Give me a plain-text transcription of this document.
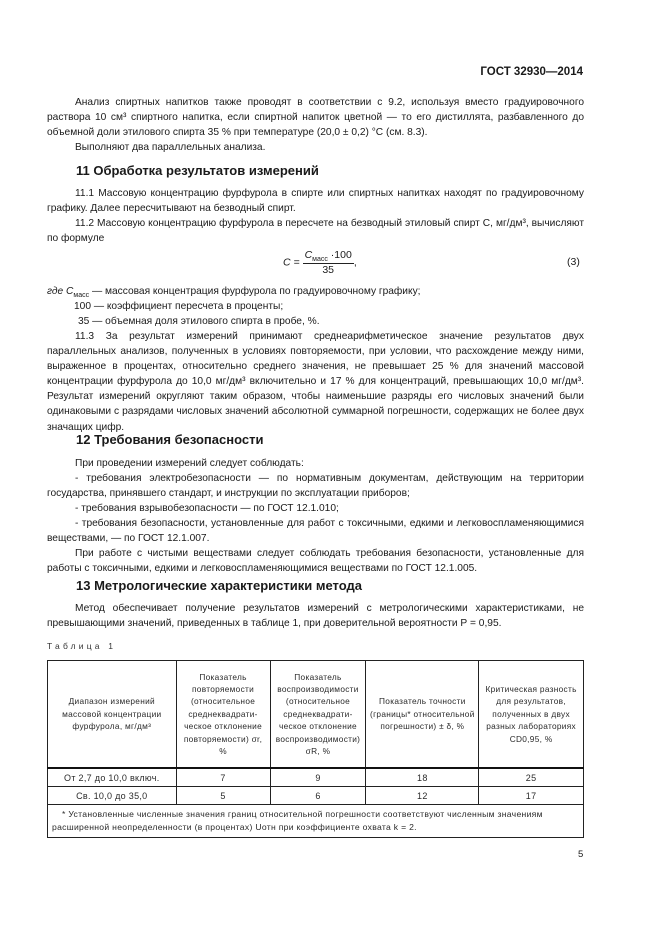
ГОСТ 32930—2014
Анализ спиртных напитков также проводят в соответствии с 9.2, используя вместо градуировочного раствора 10 см³ спиртного напитка, если спиртной напиток цветной — то его дистиллята, разбавленного до объемной доли этилового спирта 35 % при температуре (20,0 ± 0,2) °С (см. 8.3).
Выполняют два параллельных анализа.
11 Обработка результатов измерений
11.1 Массовую концентрацию фурфурола в спирте или спиртных напитках находят по градуировочному графику. Далее пересчитывают на безводный спирт.
11.2 Массовую концентрацию фурфурола в пересчете на безводный этиловый спирт С, мг/дм³, вычисляют по формуле
$C = \frac{C_{масс} \cdot 100}{35}$ ,	(3)
где $C_{масс}$ — массовая концентрация фурфурола по градуировочному графику;
100 — коэффициент пересчета в проценты;
35 — объемная доля этилового спирта в пробе, %.
11.3 За результат измерений принимают среднеарифметическое значение результатов двух параллельных анализов, полученных в условиях повторяемости, при условии, что расхождение между ними, выраженное в процентах, относительно среднего значения, не превышает 25 % для значений массовой концентрации фурфурола до 10,0 мг/дм³ включительно и 17 % для концентраций, превышающих 10,0 мг/дм³. Результат измерений округляют таким образом, чтобы наименьшие разряды его числовых значений были одинаковыми с разрядами числовых значений абсолютной суммарной погрешности, содержащих не более двух значащих цифр.
12 Требования безопасности
При проведении измерений следует соблюдать:
- требования электробезопасности — по нормативным документам, действующим на территории государства, принявшего стандарт, и инструкции по эксплуатации приборов;
- требования взрывобезопасности — по ГОСТ 12.1.010;
- требования безопасности, установленные для работ с токсичными, едкими и легковоспламеняющимися веществами, — по ГОСТ 12.1.007.
При работе с чистыми веществами следует соблюдать требования безопасности, установленные для работы с токсичными, едкими и легковоспламеняющимися веществами по ГОСТ 12.1.005.
13 Метрологические характеристики метода
Метод обеспечивает получение результатов измерений с метрологическими характеристиками, не превышающими значений, приведенных в таблице 1, при доверительной вероятности Р = 0,95.
Таблица 1
Диапазон измерений массовой концентрации фурфурола, мг/дм³	Показатель повторяемости (относительное среднеквадрати-ческое отклонение повторяемости) σr, %	Показатель воспроизводимости (относительное среднеквадрати-ческое отклонение воспроизводимости) σR, %	Показатель точности (границы* относительной погрешности) ± δ, %	Критическая разность для результатов, полученных в двух разных лабораториях CD0,95, %
От 2,7 до 10,0 включ.	7	9	18	25
Св. 10,0 до 35,0	5	6	12	17
* Установленные численные значения границ относительной погрешности соответствуют численным значениям расширенной неопределенности (в процентах) Uотн при коэффициенте охвата k = 2.				
5
